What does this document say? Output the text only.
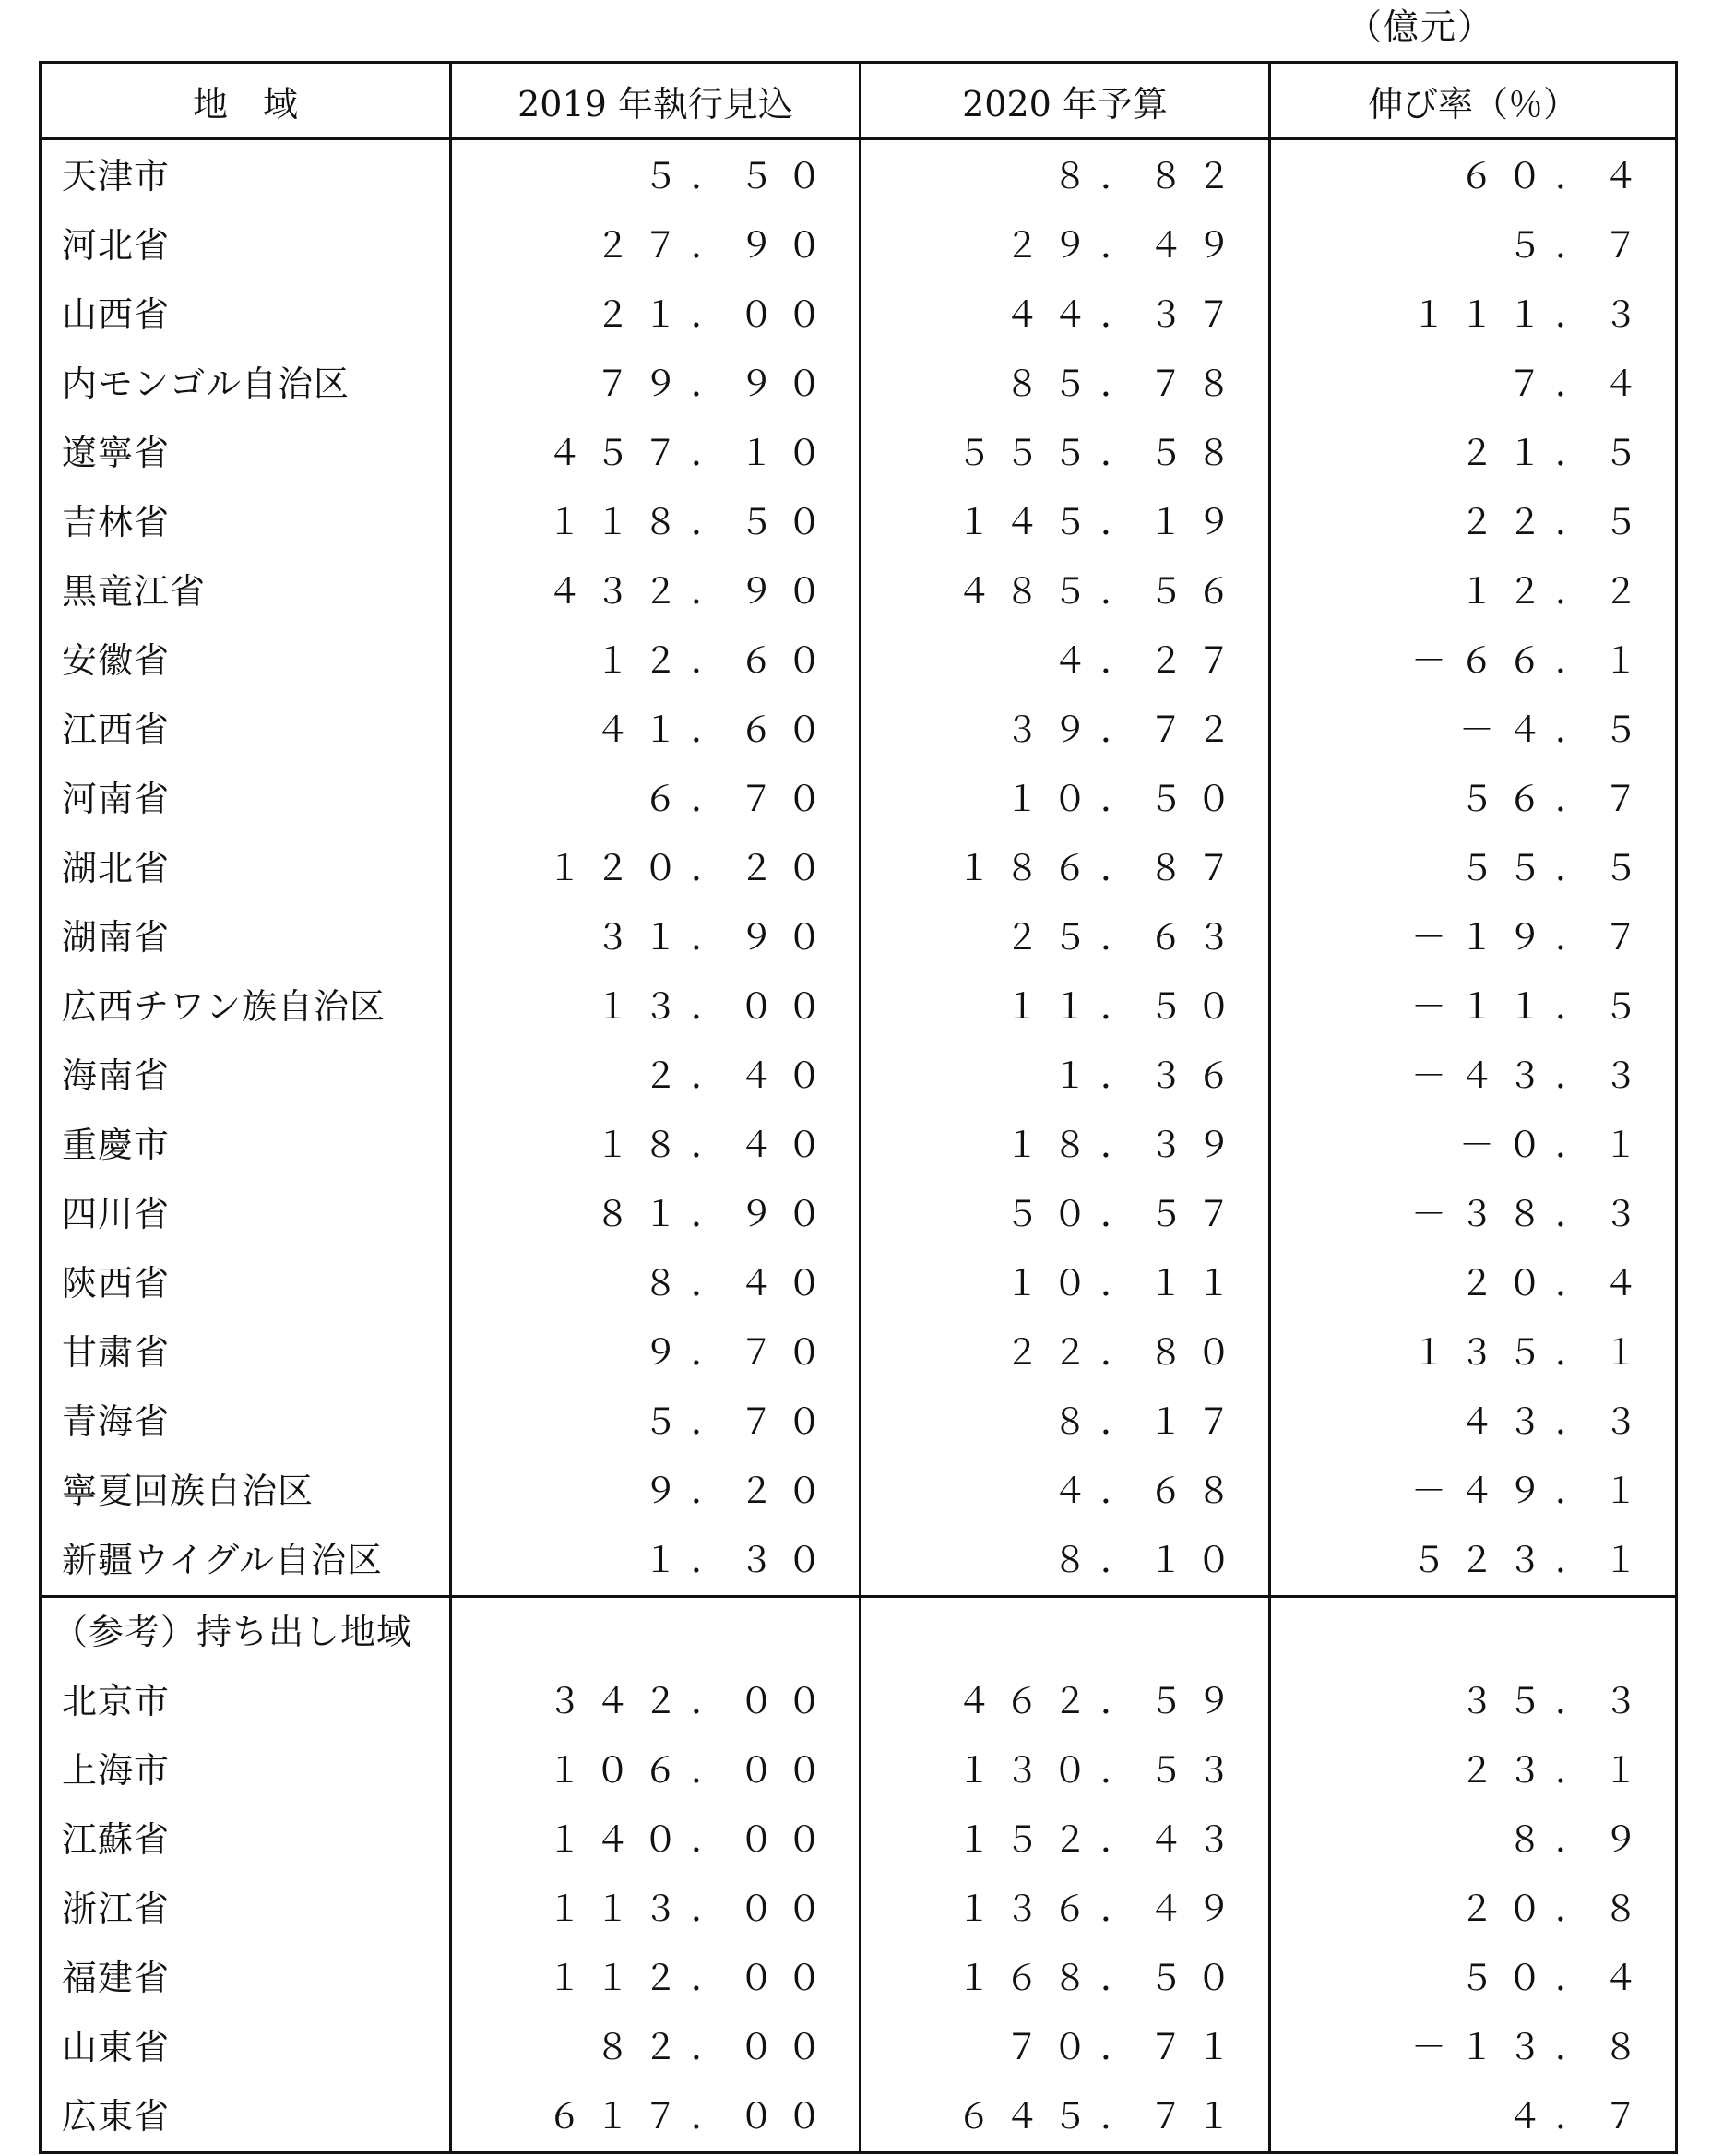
（億元）
地　域	2019 年執行見込	2020 年予算	伸び率（％）
天津市	５．５０	８．８２	６０．４
河北省	２７．９０	２９．４９	５．７
山西省	２１．００	４４．３７	１１１．３
内モンゴル自治区	７９．９０	８５．７８	７．４
遼寧省	４５７．１０	５５５．５８	２１．５
吉林省	１１８．５０	１４５．１９	２２．５
黒竜江省	４３２．９０	４８５．５６	１２．２
安徽省	１２．６０	４．２７	－６６．１
江西省	４１．６０	３９．７２	－４．５
河南省	６．７０	１０．５０	５６．７
湖北省	１２０．２０	１８６．８７	５５．５
湖南省	３１．９０	２５．６３	－１９．７
広西チワン族自治区	１３．００	１１．５０	－１１．５
海南省	２．４０	１．３６	－４３．３
重慶市	１８．４０	１８．３９	－０．１
四川省	８１．９０	５０．５７	－３８．３
陝西省	８．４０	１０．１１	２０．４
甘粛省	９．７０	２２．８０	１３５．１
青海省	５．７０	８．１７	４３．３
寧夏回族自治区	９．２０	４．６８	－４９．１
新疆ウイグル自治区	１．３０	８．１０	５２３．１
（参考）持ち出し地域			
北京市	３４２．００	４６２．５９	３５．３
上海市	１０６．００	１３０．５３	２３．１
江蘇省	１４０．００	１５２．４３	８．９
浙江省	１１３．００	１３６．４９	２０．８
福建省	１１２．００	１６８．５０	５０．４
山東省	８２．００	７０．７１	－１３．８
広東省	６１７．００	６４５．７１	４．７
